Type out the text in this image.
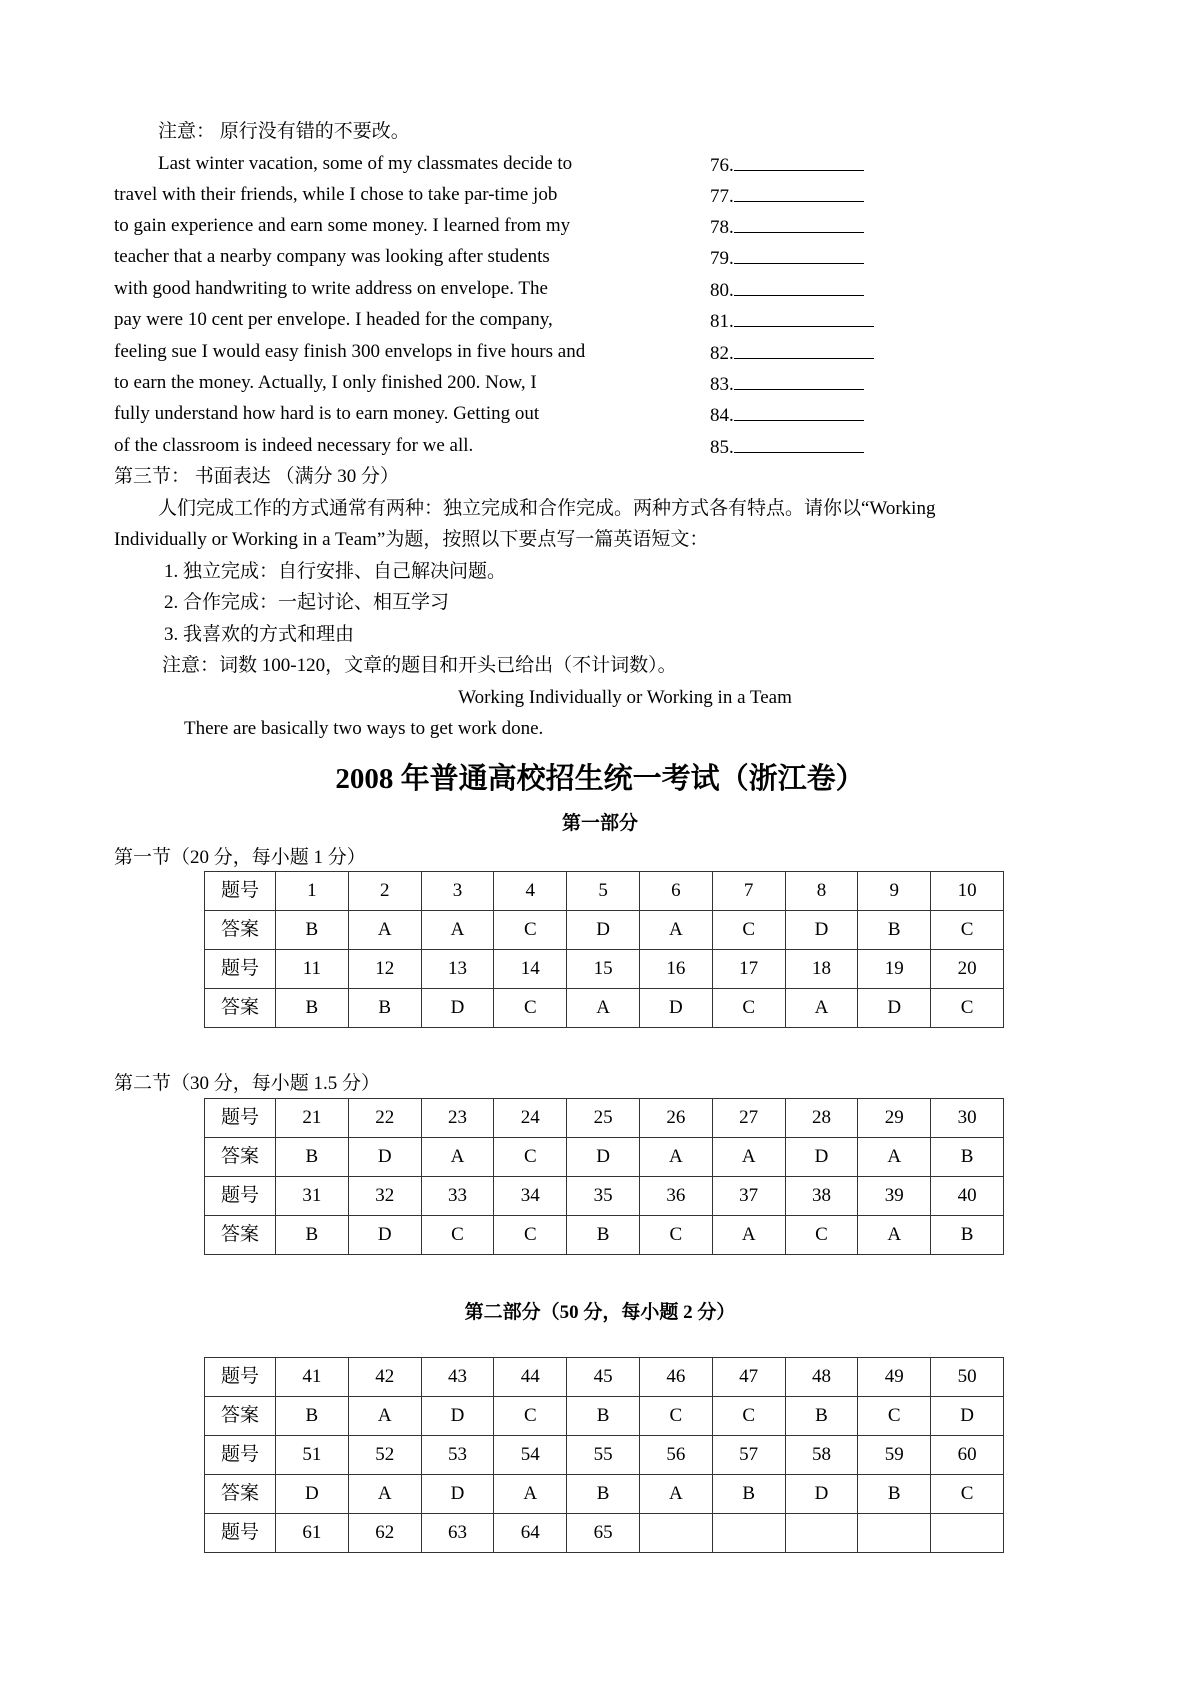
注意： 原行没有错的不要改。
Last winter vacation, some of my classmates decide to
travel with their friends, while I chose to take par-time job
to gain experience and earn some money. I learned from my
teacher that a nearby company was looking after students
with good handwriting to write address on envelope. The
pay were 10 cent per envelope. I headed for the company,
feeling sue I would easy finish 300 envelops in five hours and
to earn the money. Actually, I only finished 200. Now, I
fully understand how hard is to earn money. Getting out
of the classroom is indeed necessary for we all.
76.
77.
78.
79.
80.
81.
82.
83.
84.
85.
第三节： 书面表达 （满分 30 分）
人们完成工作的方式通常有两种：独立完成和合作完成。两种方式各有特点。请你以“Working
Individually or Working in a Team”为题，按照以下要点写一篇英语短文：
1. 独立完成：自行安排、自己解决问题。
2. 合作完成：一起讨论、相互学习
3. 我喜欢的方式和理由
注意：词数 100-120，文章的题目和开头已给出（不计词数）。
Working Individually or Working in a Team
There are basically two ways to get work done.
2008 年普通高校招生统一考试（浙江卷）
第一部分
第一节（20 分，每小题 1 分）
题号	1	2	3	4	5	6	7	8	9	10
答案	B	A	A	C	D	A	C	D	B	C
题号	11	12	13	14	15	16	17	18	19	20
答案	B	B	D	C	A	D	C	A	D	C
第二节（30 分，每小题 1.5 分）
题号	21	22	23	24	25	26	27	28	29	30
答案	B	D	A	C	D	A	A	D	A	B
题号	31	32	33	34	35	36	37	38	39	40
答案	B	D	C	C	B	C	A	C	A	B
第二部分（50 分，每小题 2 分）
题号	41	42	43	44	45	46	47	48	49	50
答案	B	A	D	C	B	C	C	B	C	D
题号	51	52	53	54	55	56	57	58	59	60
答案	D	A	D	A	B	A	B	D	B	C
题号	61	62	63	64	65					
